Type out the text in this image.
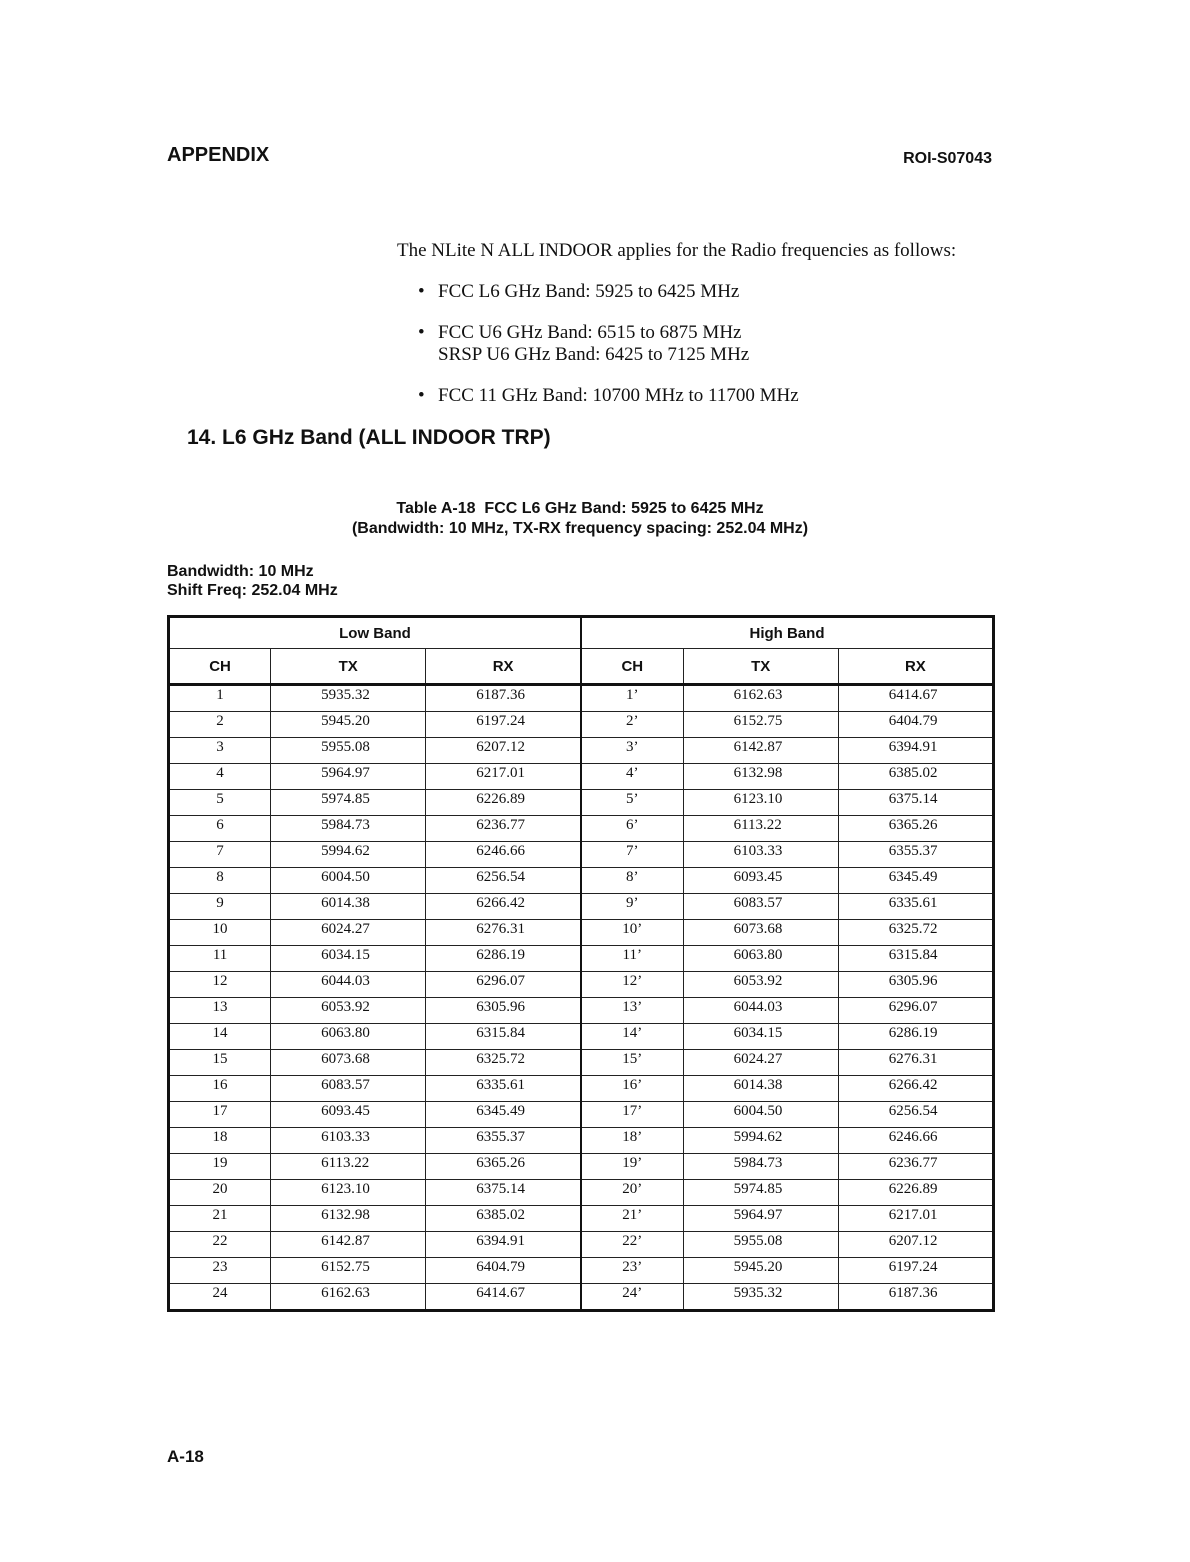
APPENDIX	ROI-S07043
The NLite N ALL INDOOR applies for the Radio frequencies as follows:
• FCC L6 GHz Band: 5925 to 6425 MHz
• FCC U6 GHz Band: 6515 to 6875 MHz
SRSP U6 GHz Band: 6425 to 7125 MHz
• FCC 11 GHz Band: 10700 MHz to 11700 MHz
14. L6 GHz Band (ALL INDOOR TRP)
Table A-18  FCC L6 GHz Band: 5925 to 6425 MHz
(Bandwidth: 10 MHz, TX-RX frequency spacing: 252.04 MHz)
Bandwidth: 10 MHz
Shift Freq: 252.04 MHz
Low Band			High Band		
CH	TX	RX	CH	TX	RX
1	5935.32	6187.36	1’	6162.63	6414.67
2	5945.20	6197.24	2’	6152.75	6404.79
3	5955.08	6207.12	3’	6142.87	6394.91
4	5964.97	6217.01	4’	6132.98	6385.02
5	5974.85	6226.89	5’	6123.10	6375.14
6	5984.73	6236.77	6’	6113.22	6365.26
7	5994.62	6246.66	7’	6103.33	6355.37
8	6004.50	6256.54	8’	6093.45	6345.49
9	6014.38	6266.42	9’	6083.57	6335.61
10	6024.27	6276.31	10’	6073.68	6325.72
11	6034.15	6286.19	11’	6063.80	6315.84
12	6044.03	6296.07	12’	6053.92	6305.96
13	6053.92	6305.96	13’	6044.03	6296.07
14	6063.80	6315.84	14’	6034.15	6286.19
15	6073.68	6325.72	15’	6024.27	6276.31
16	6083.57	6335.61	16’	6014.38	6266.42
17	6093.45	6345.49	17’	6004.50	6256.54
18	6103.33	6355.37	18’	5994.62	6246.66
19	6113.22	6365.26	19’	5984.73	6236.77
20	6123.10	6375.14	20’	5974.85	6226.89
21	6132.98	6385.02	21’	5964.97	6217.01
22	6142.87	6394.91	22’	5955.08	6207.12
23	6152.75	6404.79	23’	5945.20	6197.24
24	6162.63	6414.67	24’	5935.32	6187.36
A-18
